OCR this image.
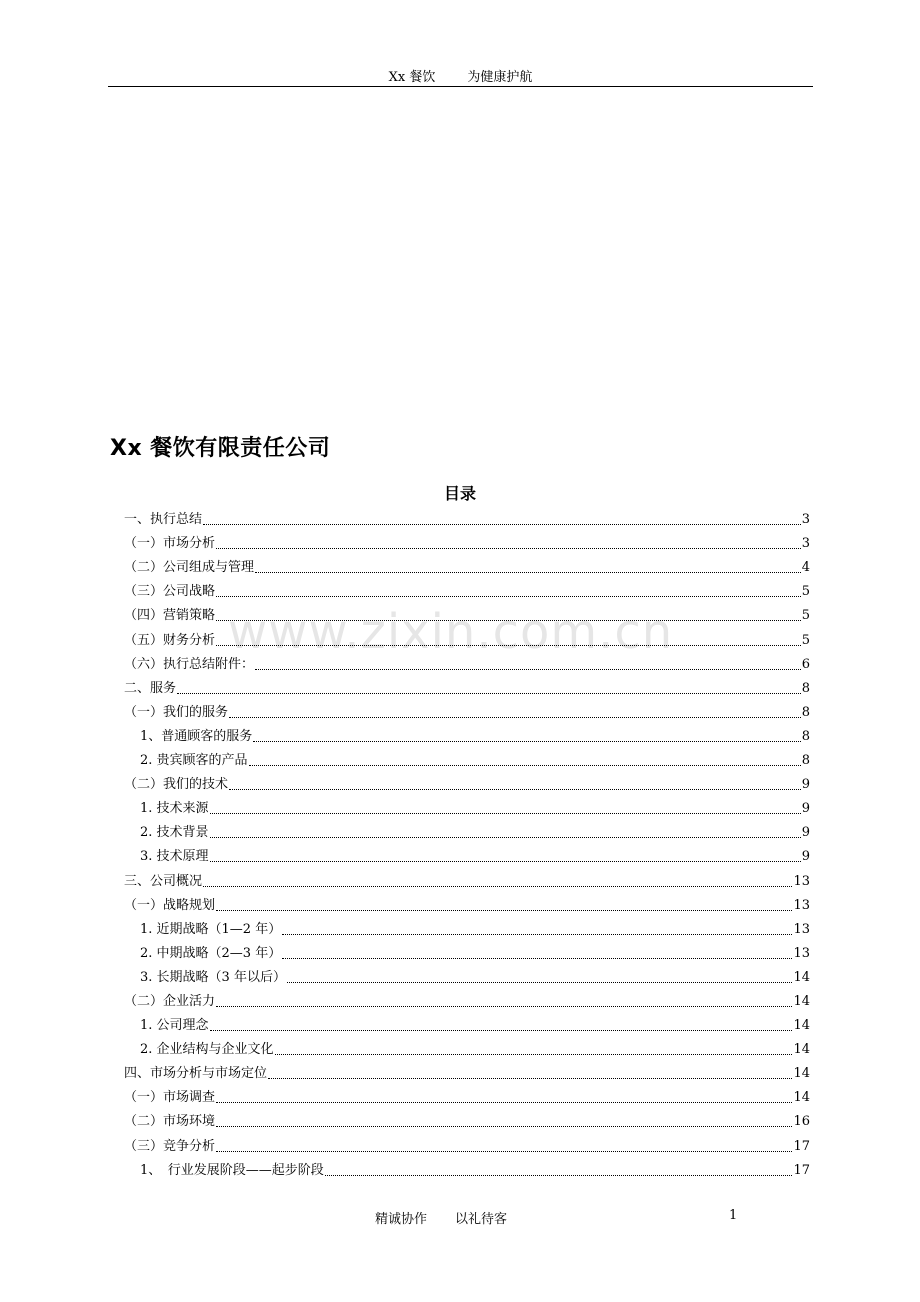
Xx 餐饮 为健康护航
Xx 餐饮有限责任公司
目录
www.zixin.com.cn
一、执行总结	3
（一）市场分析	3
（二）公司组成与管理	4
（三）公司战略	5
（四）营销策略	5
（五）财务分析	5
（六）执行总结附件：	6
二、服务	8
（一）我们的服务	8
1、普通顾客的服务	8
2. 贵宾顾客的产品	8
（二）我们的技术	9
1. 技术来源	9
2. 技术背景	9
3. 技术原理	9
三、公司概况	13
（一）战略规划	13
1. 近期战略（1—2 年）	13
2. 中期战略（2—3 年）	13
3. 长期战略（3 年以后）	14
（二）企业活力	14
1. 公司理念	14
2. 企业结构与企业文化	14
四、市场分析与市场定位	14
（一）市场调查	14
（二）市场环境	16
（三）竞争分析	17
1、　行业发展阶段——起步阶段	17
精诚协作 以礼待客	1
